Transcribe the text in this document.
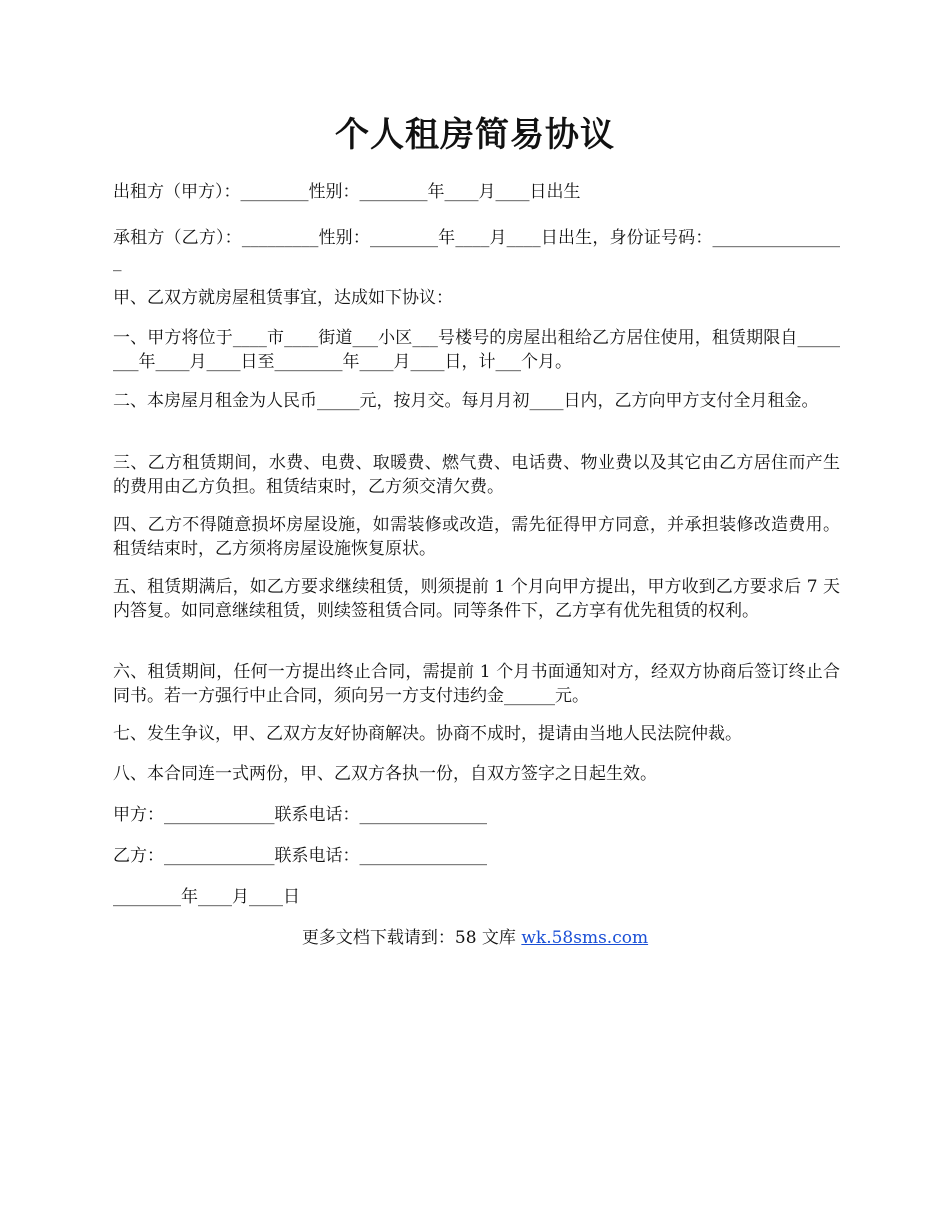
个人租房简易协议

出租方（甲方）：________性别：________年____月____日出生

承租方（乙方）：_________性别：________年____月____日出生，身份证号码：________________

甲、乙双方就房屋租赁事宜，达成如下协议：

一、甲方将位于____市____街道___小区___号楼号的房屋出租给乙方居住使用，租赁期限自________年____月____日至________年____月____日，计___个月。

二、本房屋月租金为人民币_____元，按月交。每月月初____日内，乙方向甲方支付全月租金。

三、乙方租赁期间，水费、电费、取暖费、燃气费、电话费、物业费以及其它由乙方居住而产生的费用由乙方负担。租赁结束时，乙方须交清欠费。

四、乙方不得随意损坏房屋设施，如需装修或改造，需先征得甲方同意，并承担装修改造费用。租赁结束时，乙方须将房屋设施恢复原状。

五、租赁期满后，如乙方要求继续租赁，则须提前 1 个月向甲方提出，甲方收到乙方要求后 7 天内答复。如同意继续租赁，则续签租赁合同。同等条件下，乙方享有优先租赁的权利。

六、租赁期间，任何一方提出终止合同，需提前 1 个月书面通知对方，经双方协商后签订终止合同书。若一方强行中止合同，须向另一方支付违约金______元。

七、发生争议，甲、乙双方友好协商解决。协商不成时，提请由当地人民法院仲裁。

八、本合同连一式两份，甲、乙双方各执一份，自双方签字之日起生效。

甲方：_____________联系电话：_______________

乙方：_____________联系电话：_______________

________年____月____日

更多文档下载请到：58 文库 wk.58sms.com
